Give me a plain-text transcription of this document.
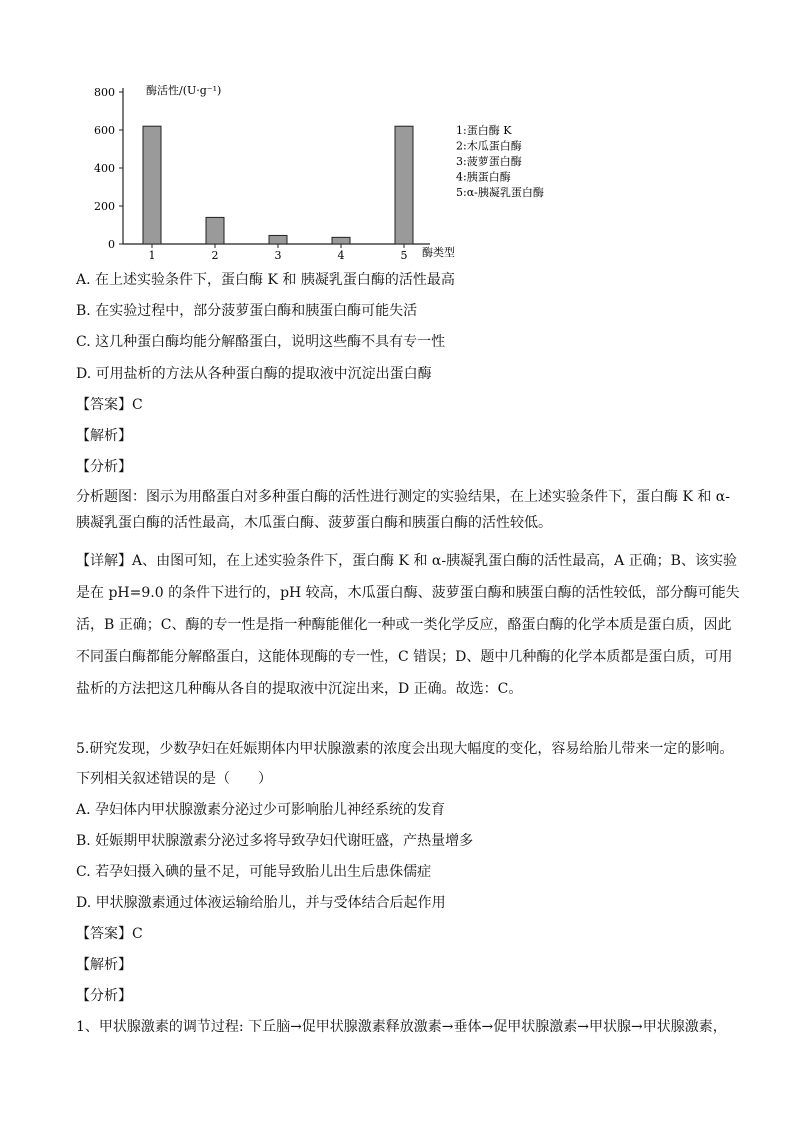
酶活性/(U·g⁻¹)
0
200
400
600
800
1	2	3	4	5 酶类型
1:蛋白酶 K
2:木瓜蛋白酶
3:菠萝蛋白酶
4:胰蛋白酶
5:α-胰凝乳蛋白酶
A. 在上述实验条件下，蛋白酶 K 和 胰凝乳蛋白酶的活性最高
B. 在实验过程中，部分菠萝蛋白酶和胰蛋白酶可能失活
C. 这几种蛋白酶均能分解酪蛋白，说明这些酶不具有专一性
D. 可用盐析的方法从各种蛋白酶的提取液中沉淀出蛋白酶
【答案】C
【解析】
【分析】
分析题图：图示为用酪蛋白对多种蛋白酶的活性进行测定的实验结果，在上述实验条件下，蛋白酶 K 和 α-
胰凝乳蛋白酶的活性最高，木瓜蛋白酶、菠萝蛋白酶和胰蛋白酶的活性较低。
【详解】A、由图可知，在上述实验条件下，蛋白酶 K 和 α-胰凝乳蛋白酶的活性最高，A 正确；B、该实验
是在 pH=9.0 的条件下进行的，pH 较高，木瓜蛋白酶、菠萝蛋白酶和胰蛋白酶的活性较低，部分酶可能失
活，B 正确；C、酶的专一性是指一种酶能催化一种或一类化学反应，酪蛋白酶的化学本质是蛋白质，因此
不同蛋白酶都能分解酪蛋白，这能体现酶的专一性，C 错误；D、题中几种酶的化学本质都是蛋白质，可用
盐析的方法把这几种酶从各自的提取液中沉淀出来，D 正确。故选：C。
5.研究发现，少数孕妇在妊娠期体内甲状腺激素的浓度会出现大幅度的变化，容易给胎儿带来一定的影响。
下列相关叙述错误的是（　　）
A. 孕妇体内甲状腺激素分泌过少可影响胎儿神经系统的发育
B. 妊娠期甲状腺激素分泌过多将导致孕妇代谢旺盛，产热量增多
C. 若孕妇摄入碘的量不足，可能导致胎儿出生后患侏儒症
D. 甲状腺激素通过体液运输给胎儿，并与受体结合后起作用
【答案】C
【解析】
【分析】
1、甲状腺激素的调节过程: 下丘脑→促甲状腺激素释放激素→垂体→促甲状腺激素→甲状腺→甲状腺激素，
